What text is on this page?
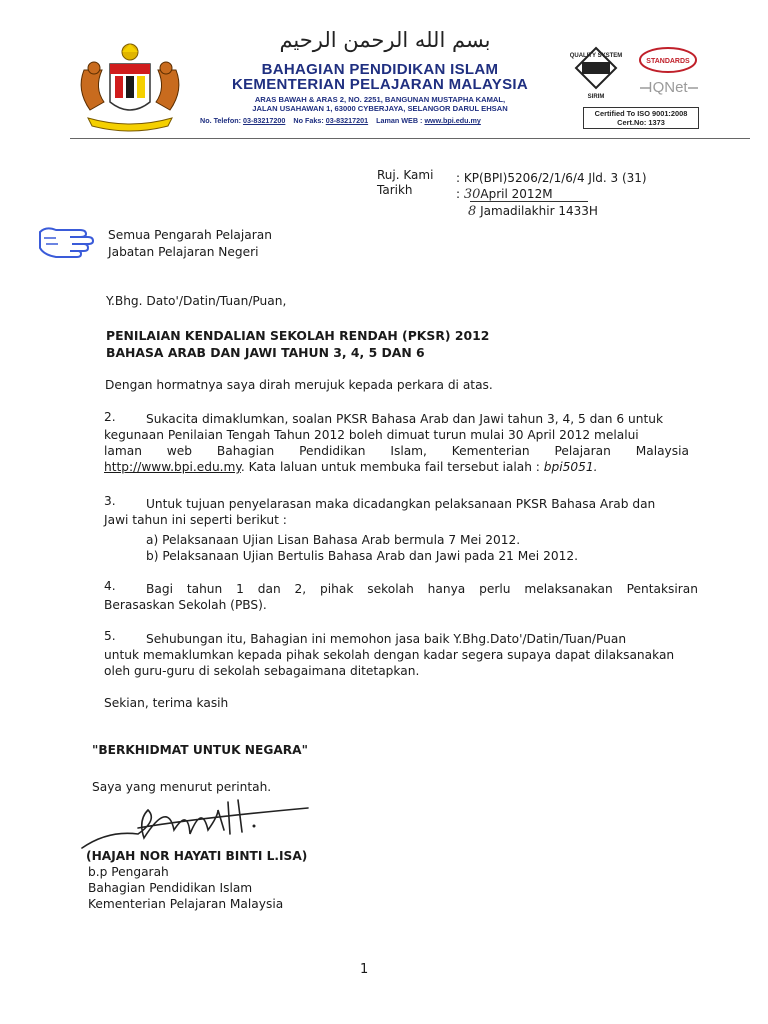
بسم الله الرحمن الرحيم
BAHAGIAN PENDIDIKAN ISLAM
KEMENTERIAN PELAJARAN MALAYSIA
ARAS BAWAH & ARAS 2, NO. 2251, BANGUNAN MUSTAPHA KAMAL,
JALAN USAHAWAN 1, 63000 CYBERJAYA, SELANGOR DARUL EHSAN
No. Telefon: 03-83217200 No Faks: 03-83217201 Laman WEB : www.bpi.edu.my
QUALITY SYSTEM
SIRIM
STANDARDS
IQNet
Certified To ISO 9001:2008
Cert.No: 1373
Ruj. Kami : KP(BPI)5206/2/1/6/4 Jld. 3 (31)
Tarikh	: 30April 2012M
8 Jamadilakhir 1433H
Semua Pengarah Pelajaran
Jabatan Pelajaran Negeri
Y.Bhg. Dato'/Datin/Tuan/Puan,
PENILAIAN KENDALIAN SEKOLAH RENDAH (PKSR) 2012
BAHASA ARAB DAN JAWI TAHUN 3, 4, 5 DAN 6
Dengan hormatnya saya dirah merujuk kepada perkara di atas.
2. Sukacita dimaklumkan, soalan PKSR Bahasa Arab dan Jawi tahun 3, 4, 5 dan 6 untuk
kegunaan Penilaian Tengah Tahun 2012 boleh dimuat turun mulai 30 April 2012 melalui
laman web Bahagian Pendidikan Islam, Kementerian Pelajaran Malaysia
http://www.bpi.edu.my. Kata laluan untuk membuka fail tersebut ialah : bpi5051.
3. Untuk tujuan penyelarasan maka dicadangkan pelaksanaan PKSR Bahasa Arab dan
Jawi tahun ini seperti berikut :
a) Pelaksanaan Ujian Lisan Bahasa Arab bermula 7 Mei 2012.
b) Pelaksanaan Ujian Bertulis Bahasa Arab dan Jawi pada 21 Mei 2012.
4. Bagi tahun 1 dan 2, pihak sekolah hanya perlu melaksanakan Pentaksiran
Berasaskan Sekolah (PBS).
5. Sehubungan itu, Bahagian ini memohon jasa baik Y.Bhg.Dato'/Datin/Tuan/Puan
untuk memaklumkan kepada pihak sekolah dengan kadar segera supaya dapat dilaksanakan
oleh guru-guru di sekolah sebagaimana ditetapkan.
Sekian, terima kasih
"BERKHIDMAT UNTUK NEGARA"
Saya yang menurut perintah.
(HAJAH NOR HAYATI BINTI L.ISA)
b.p Pengarah
Bahagian Pendidikan Islam
Kementerian Pelajaran Malaysia
1
